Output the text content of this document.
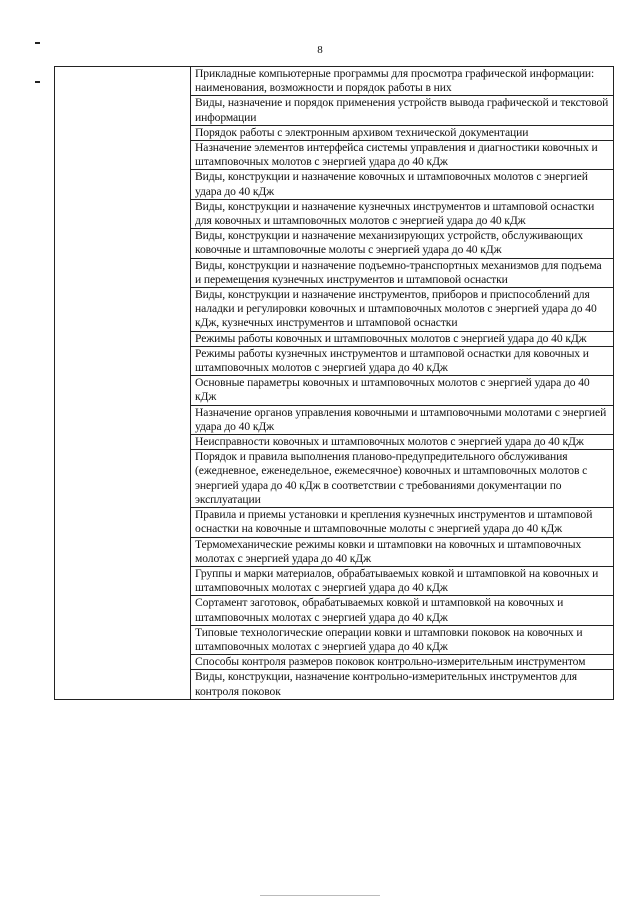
8
	Прикладные компьютерные программы для просмотра графической информации: наименования, возможности и порядок работы в них
Виды, назначение и порядок применения устройств вывода графической и текстовой информации
Порядок работы с электронным архивом технической документации
Назначение элементов интерфейса системы управления и диагностики ковочных и штамповочных молотов с энергией удара до 40 кДж
Виды, конструкции и назначение ковочных и штамповочных молотов с энергией удара до 40 кДж
Виды, конструкции и назначение кузнечных инструментов и штамповой оснастки для ковочных и штамповочных молотов с энергией удара до 40 кДж
Виды, конструкции и назначение механизирующих устройств, обслуживающих ковочные и штамповочные молоты с энергией удара до 40 кДж
Виды, конструкции и назначение подъемно-транспортных механизмов для подъема и перемещения кузнечных инструментов и штамповой оснастки
Виды, конструкции и назначение инструментов, приборов и приспособлений для наладки и регулировки ковочных и штамповочных молотов с энергией удара до 40 кДж, кузнечных инструментов и штамповой оснастки
Режимы работы ковочных и штамповочных молотов с энергией удара до 40 кДж
Режимы работы кузнечных инструментов и штамповой оснастки для ковочных и штамповочных молотов с энергией удара до 40 кДж
Основные параметры ковочных и штамповочных молотов с энергией удара до 40 кДж
Назначение органов управления ковочными и штамповочными молотами с энергией удара до 40 кДж
Неисправности ковочных и штамповочных молотов с энергией удара до 40 кДж
Порядок и правила выполнения планово-предупредительного обслуживания (ежедневное, еженедельное, ежемесячное) ковочных и штамповочных молотов с энергией удара до 40 кДж в соответствии с требованиями документации по эксплуатации
Правила и приемы установки и крепления кузнечных инструментов и штамповой оснастки на ковочные и штамповочные молоты с энергией удара до 40 кДж
Термомеханические режимы ковки и штамповки на ковочных и штамповочных молотах с энергией удара до 40 кДж
Группы и марки материалов, обрабатываемых ковкой и штамповкой на ковочных и штамповочных молотах с энергией удара до 40 кДж
Сортамент заготовок, обрабатываемых ковкой и штамповкой на ковочных и штамповочных молотах с энергией удара до 40 кДж
Типовые технологические операции ковки и штамповки поковок на ковочных и штамповочных молотах с энергией удара до 40 кДж
Способы контроля размеров поковок контрольно-измерительным инструментом
Виды, конструкции, назначение контрольно-измерительных инструментов для контроля поковок
